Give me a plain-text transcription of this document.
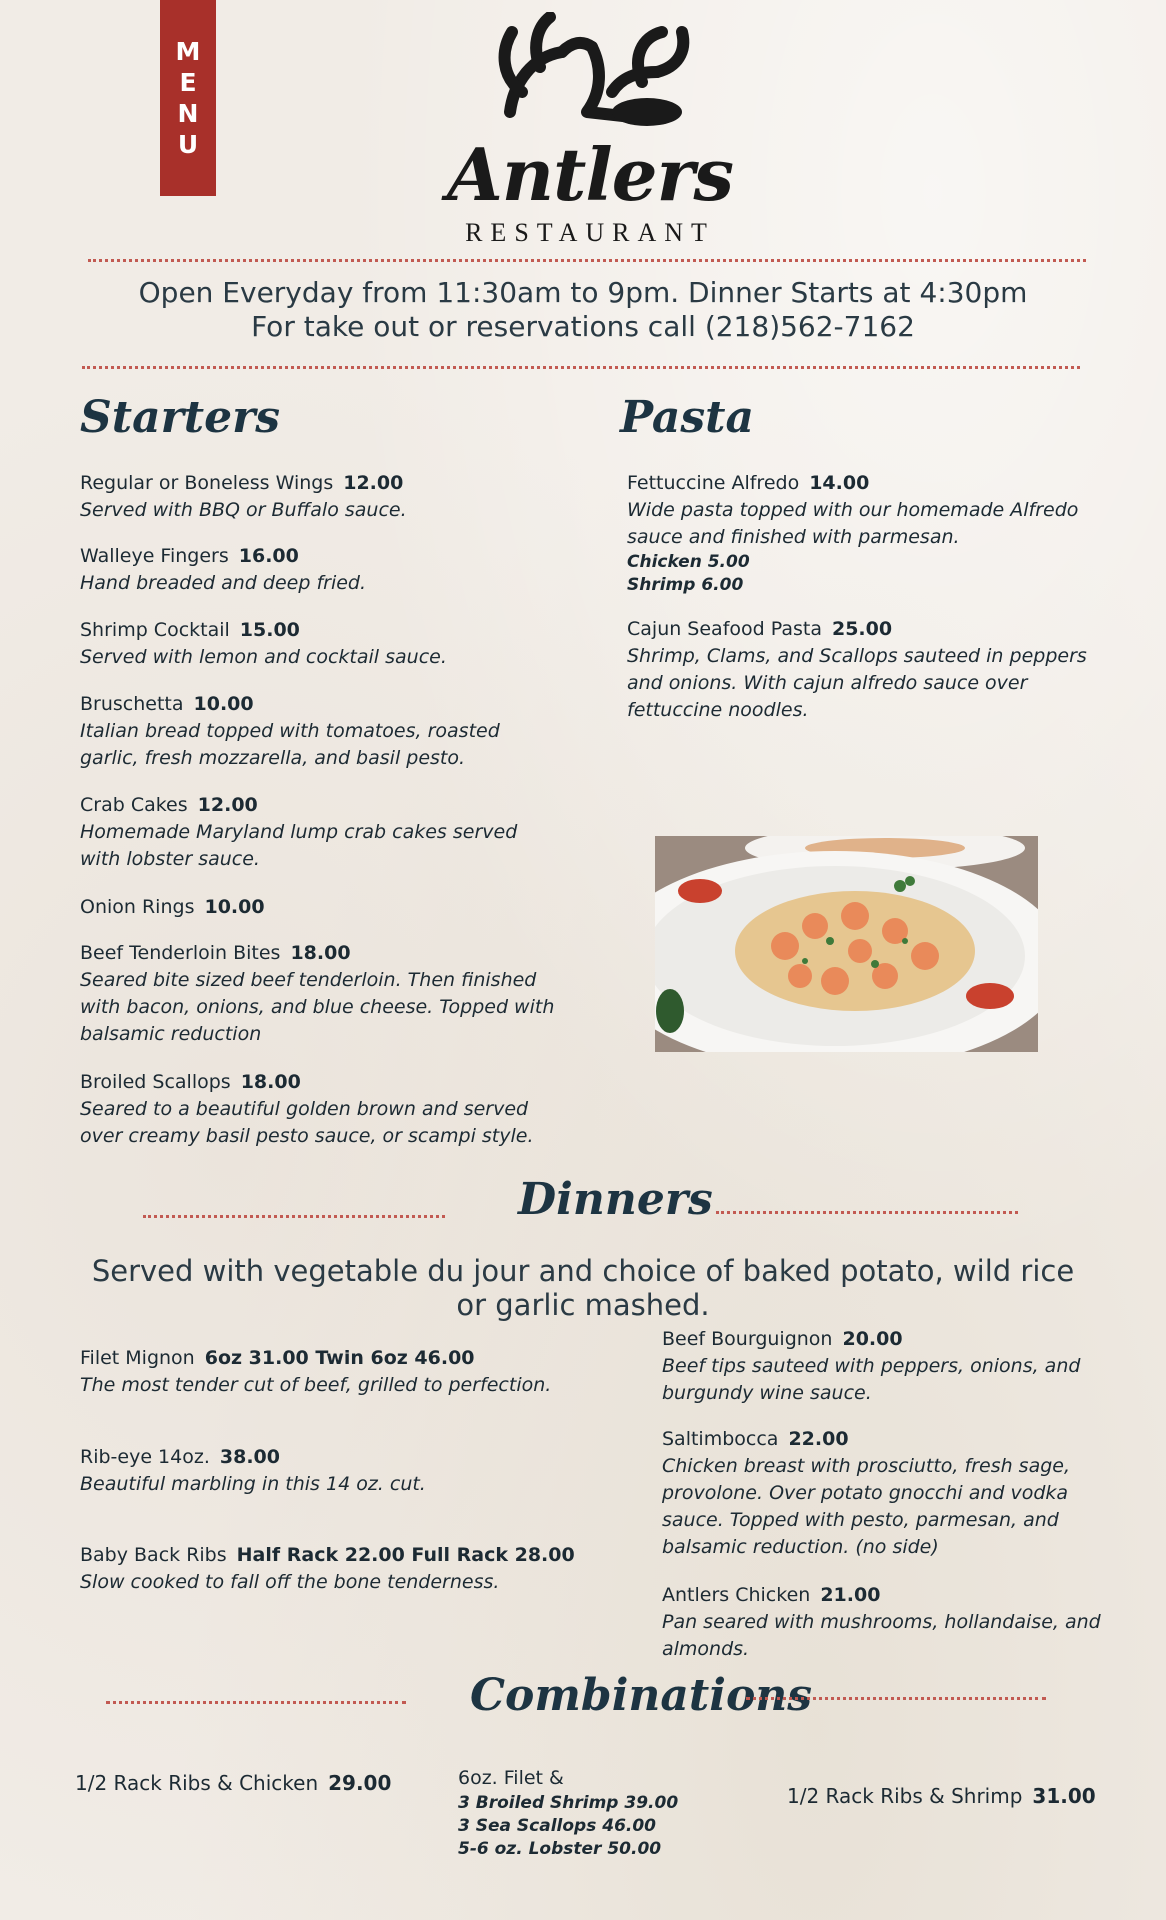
M
E
N
U	Antlers
RESTAURANT
Open Everyday from 11:30am to 9pm. Dinner Starts at 4:30pm
For take out or reservations call (218)562-7162
Starters
Regular or Boneless Wings 12.00
Served with BBQ or Buffalo sauce.
Walleye Fingers 16.00
Hand breaded and deep fried.
Shrimp Cocktail 15.00
Served with lemon and cocktail sauce.
Bruschetta 10.00
Italian bread topped with tomatoes, roasted garlic, fresh mozzarella, and basil pesto.
Crab Cakes 12.00
Homemade Maryland lump crab cakes served with lobster sauce.
Onion Rings 10.00
Beef Tenderloin Bites 18.00
Seared bite sized beef tenderloin. Then finished with bacon, onions, and blue cheese. Topped with balsamic reduction
Broiled Scallops 18.00
Seared to a beautiful golden brown and served over creamy basil pesto sauce, or scampi style.
Pasta
Fettuccine Alfredo 14.00
Wide pasta topped with our homemade Alfredo sauce and finished with parmesan.
Chicken 5.00
Shrimp 6.00
Cajun Seafood Pasta 25.00
Shrimp, Clams, and Scallops sauteed in peppers and onions. With cajun alfredo sauce over fettuccine noodles.
Dinners
Served with vegetable du jour and choice of baked potato, wild rice or garlic mashed.
Filet Mignon 6oz 31.00 Twin 6oz 46.00
The most tender cut of beef, grilled to perfection.
Rib-eye 14oz. 38.00
Beautiful marbling in this 14 oz. cut.
Baby Back Ribs Half Rack 22.00 Full Rack 28.00
Slow cooked to fall off the bone tenderness.
Beef Bourguignon 20.00
Beef tips sauteed with peppers, onions, and burgundy wine sauce.
Saltimbocca 22.00
Chicken breast with prosciutto, fresh sage, provolone. Over potato gnocchi and vodka sauce. Topped with pesto, parmesan, and balsamic reduction. (no side)
Antlers Chicken 21.00
Pan seared with mushrooms, hollandaise, and almonds.
Combinations
1/2 Rack Ribs & Chicken 29.00	6oz. Filet &
3 Broiled Shrimp 39.00
3 Sea Scallops 46.00
5-6 oz. Lobster 50.00
1/2 Rack Ribs & Shrimp 31.00
